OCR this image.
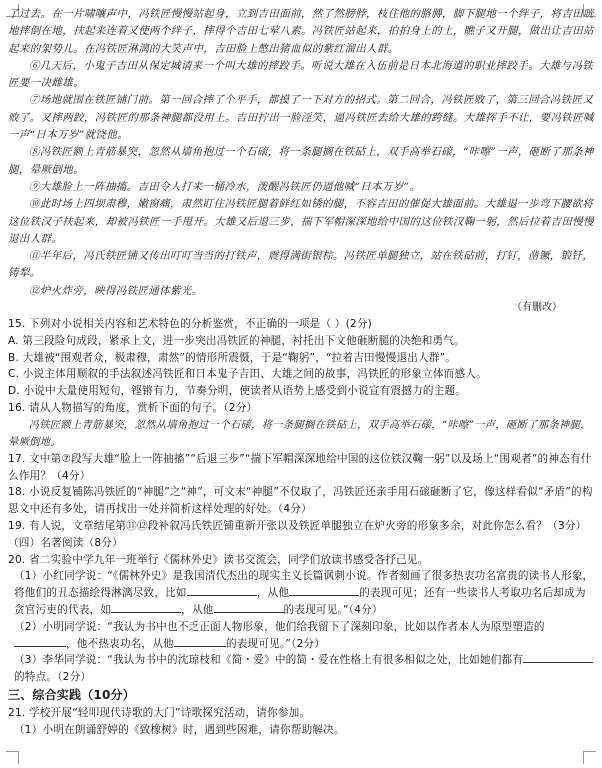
了过去。在一片啸嚷声中，冯铁匠慢慢站起身，立到吉田面前，然了然膀脖，枝住他的胳膊，脚下腿地一个绊子，将吉田咣地摔倒在地，扶起来连着又使两个绊子，摔得个吉田七荤八素。冯铁匠站起来，拍拍身上的土，瞧子又开腿，做出让吉田站起来的架势儿。在冯铁匠淋漓的大笑声中，吉田脸上憋出猪血似的紫红溜出人群。

⑥几天后，小鬼子吉田从保定城请来一个叫大雄的摔跤手。听说大雄在入伍前是日本北海道的职业摔跤手。大雄与冯铁匠要一决雌雄。

⑦场地就围在铁匠铺门前。第一回合摔了个平手，都摸了一下对方的招式。第二回合，冯铁匠败了，第三回合冯铁匠又败了。又摔两跤，冯铁匠的那条神腿都没用上。吉田拧出一脸淫笑，逼冯铁匠去给大雄的跨缝。大雄挥手不让，要冯铁匠喊一声“日本万岁”就饶他。

⑧冯铁匠额上青筋暴突，忽然从墙角抱过一个石磙，将一条腿搁在铁砧上，双手高举石磙，“咔嚓”一声，砸断了那条神腿，晕厥倒地。

⑨大雄脸上一阵抽搐。吉田令人打来一桶冷水，泼醒冯铁匠仍逼他喊“日本万岁”。

⑩此时场上四坝肃穆，嫩窗痛，肃然盯住冯铁匠腿着鲜红如锈的腿，不容吉田的催促大雄面前。大雄退一步弯下腰欲将这位铁汉子扶起来，却被冯铁匠一手甩开。大雄又后退三步，揣下军帽深深地给中国的这位铁汉鞠一躬，然后拉着吉田慢慢退出人群。

⑪半年后，冯氏铁匠铺又传出叮叮当当的打铁声，震得满街银棕。冯铁匠单腿独立，站在铁砧前，打钉，凿镢，锻钎，铸犁。

⑫炉火炸旁，映得冯铁匠通体紫光。

（有删改）

15. 下列对小说相关内容和艺术特色的分析鉴赏，不正确的一项是（ ）(2分)

A. 第三段险句成段，紧承上文，进一步突出冯铁匠的神腿，衬托出下文他砸断腿的决绝和勇气。

B. 大雄被“围观者众，极肃穆，肃然”的情形所震慑，于是“鞠躬”，“拉着吉田慢慢退出人群”。

C. 小说主体用顺叙的手法叙述冯铁匠和日本鬼子吉田、大雄之间的故事，冯铁匠的形象立体而感人。

D. 小说中大量使用短句，铿锵有力，节奏分明，使读者从语势上感受到小说宣有震撼力的主题。

16. 请从人物描写的角度，赏析下面的句子。（2分）

冯铁匠额上青筋暴突，忽然从墙角抱过一个石磙，将一条腿搁在铁砧上，双手高举石磙，“咔嚓”一声，砸断了那条神腿，晕厥倒地。

17. 文中第⑦段写大雄“脸上一阵抽搐”“后退三步”“揣下军帽深深地给中国的这位铁汉鞠一躬”以及场上“围观者”的神态有什么作用？（4分）

18. 小说反复铺陈冯铁匠的“神腿”之“神”，可文末“神腿”不仅取了，冯铁匠还亲手用石磙砸断了它，像这样看似“矛盾”的构思文中还有多处，请再找出一处并简析这样处理的好处。（4分）

19. 有人说，文章结尾第⑪⑫段补叙冯氏铁匠铺重新开张以及铁匠单腿独立在炉火旁的形象多余，对此你怎么看？（3分）

（四）名著阅读（8分）

20. 省二实验中学九年一班举行《儒林外史》读书交流会，同学们放读书感受各抒己见。

（1）小红同学说：“《儒林外史》是我国清代杰出的现实主义长篇讽刺小说。作者刻画了很多热衷功名富贵的读书人形象，将他们的丑态描绘得淋漓尽致，比如	，从他	的表现可见；还有一些读书人考取功名后却成为贪官污吏的代表，如	，从他	的表现可见。”（4分）

（2）小明同学说：“我认为书中也不乏正面人物形象，他们给我留下了深刻印象，比如以作者本人为原型塑造的，他不热衷功名，从他	的表现可见。”（2分）

（3）李华同学说：“我认为书中的沈琼枝和《简・爱》中的简・爱在性格上有很多相似之处，比如她们都有的特点。（2分）

三、综合实践（10分）

21. 学校开展“轻叩现代诗歌的大门”诗歌探究活动，请你参加。

（1）小明在朗诵舒婷的《致橡树》时，遇到些困难，请你帮助解决。
